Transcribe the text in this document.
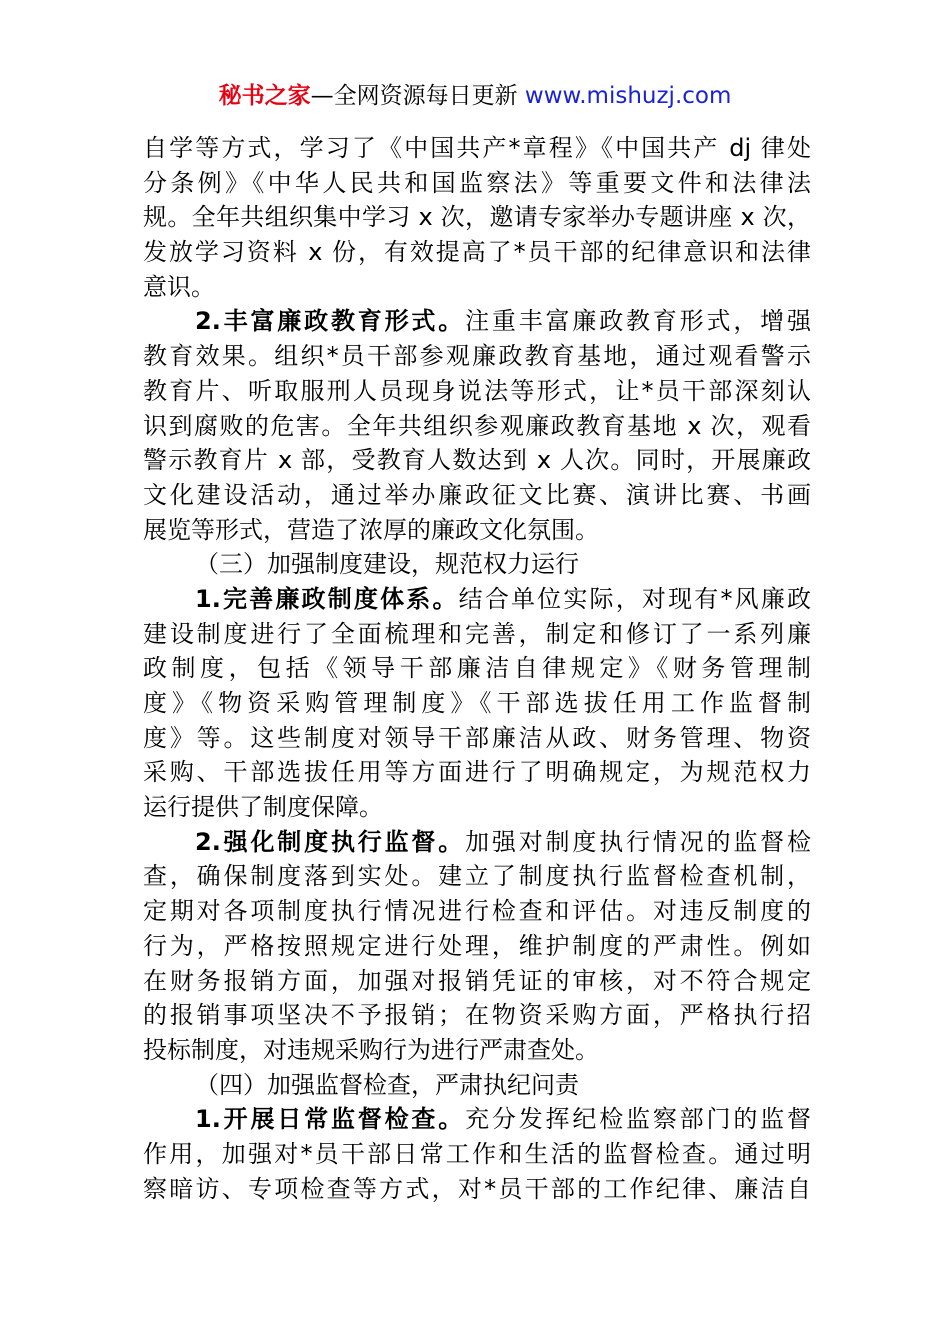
秘书之家—全网资源每日更新 www.mishuzj.com
自学等方式，学习了《中国共产*章程》《中国共产 dj 律处
分条例》《中华人民共和国监察法》等重要文件和法律法
规。全年共组织集中学习 x 次，邀请专家举办专题讲座 x 次，
发放学习资料 x 份，有效提高了*员干部的纪律意识和法律
意识。
2.丰富廉政教育形式。注重丰富廉政教育形式，增强
教育效果。组织*员干部参观廉政教育基地，通过观看警示
教育片、听取服刑人员现身说法等形式，让*员干部深刻认
识到腐败的危害。全年共组织参观廉政教育基地 x 次，观看
警示教育片 x 部，受教育人数达到 x 人次。同时，开展廉政
文化建设活动，通过举办廉政征文比赛、演讲比赛、书画
展览等形式，营造了浓厚的廉政文化氛围。
（三）加强制度建设，规范权力运行
1.完善廉政制度体系。结合单位实际，对现有*风廉政
建设制度进行了全面梳理和完善，制定和修订了一系列廉
政制度，包括《领导干部廉洁自律规定》《财务管理制
度》《物资采购管理制度》《干部选拔任用工作监督制
度》等。这些制度对领导干部廉洁从政、财务管理、物资
采购、干部选拔任用等方面进行了明确规定，为规范权力
运行提供了制度保障。
2.强化制度执行监督。加强对制度执行情况的监督检
查，确保制度落到实处。建立了制度执行监督检查机制，
定期对各项制度执行情况进行检查和评估。对违反制度的
行为，严格按照规定进行处理，维护制度的严肃性。例如
在财务报销方面，加强对报销凭证的审核，对不符合规定
的报销事项坚决不予报销；在物资采购方面，严格执行招
投标制度，对违规采购行为进行严肃查处。
（四）加强监督检查，严肃执纪问责
1.开展日常监督检查。充分发挥纪检监察部门的监督
作用，加强对*员干部日常工作和生活的监督检查。通过明
察暗访、专项检查等方式，对*员干部的工作纪律、廉洁自
